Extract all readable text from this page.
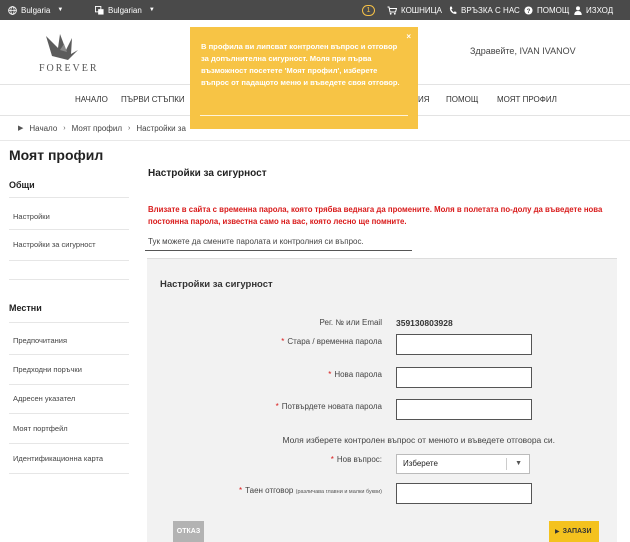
Bulgaria ▼	Bulgarian ▼	1	КОШНИЦА ВРЪЗКА С НАС ? ПОМОЩ ИЗХОД
FOREVER
Здравейте, IVAN IVANOV
НАЧАЛО ПЪРВИ СТЪПКИ	ИЯ ПОМОЩ МОЯТ ПРОФИЛ
▶ Начало › Моят профил › Настройки за
Моят профил
Общи
Настройки
Настройки за сигурност
Местни
Предпочитания
Предходни поръчки
Адресен указател
Моят портфейл
Идентификационна карта
Настройки за сигурност
Влизате в сайта с временна парола, която трябва веднага да промените. Моля в полетата по-долу да въведете нова постоянна парола, известна само на вас, която лесно ще помните.
Тук можете да смените паролата и контролния си въпрос.
Настройки за сигурност
Рег. № или Email 359130803928
* Стара / временна парола
* Нова парола
* Потвърдете новата парола
Моля изберете контролен въпрос от менюто и въведете отговора си.
* Нов въпрос:	Изберете	▼
* Таен отговор (различава главни и малки букви)
ОТКАЗ	▶ ЗАПАЗИ
×
В профила ви липсват контролен въпрос и отговор за допълнителна сигурност. Моля при първа възможност посетете 'Моят профил', изберете въпрос от падащото меню и въведете своя отговор.
